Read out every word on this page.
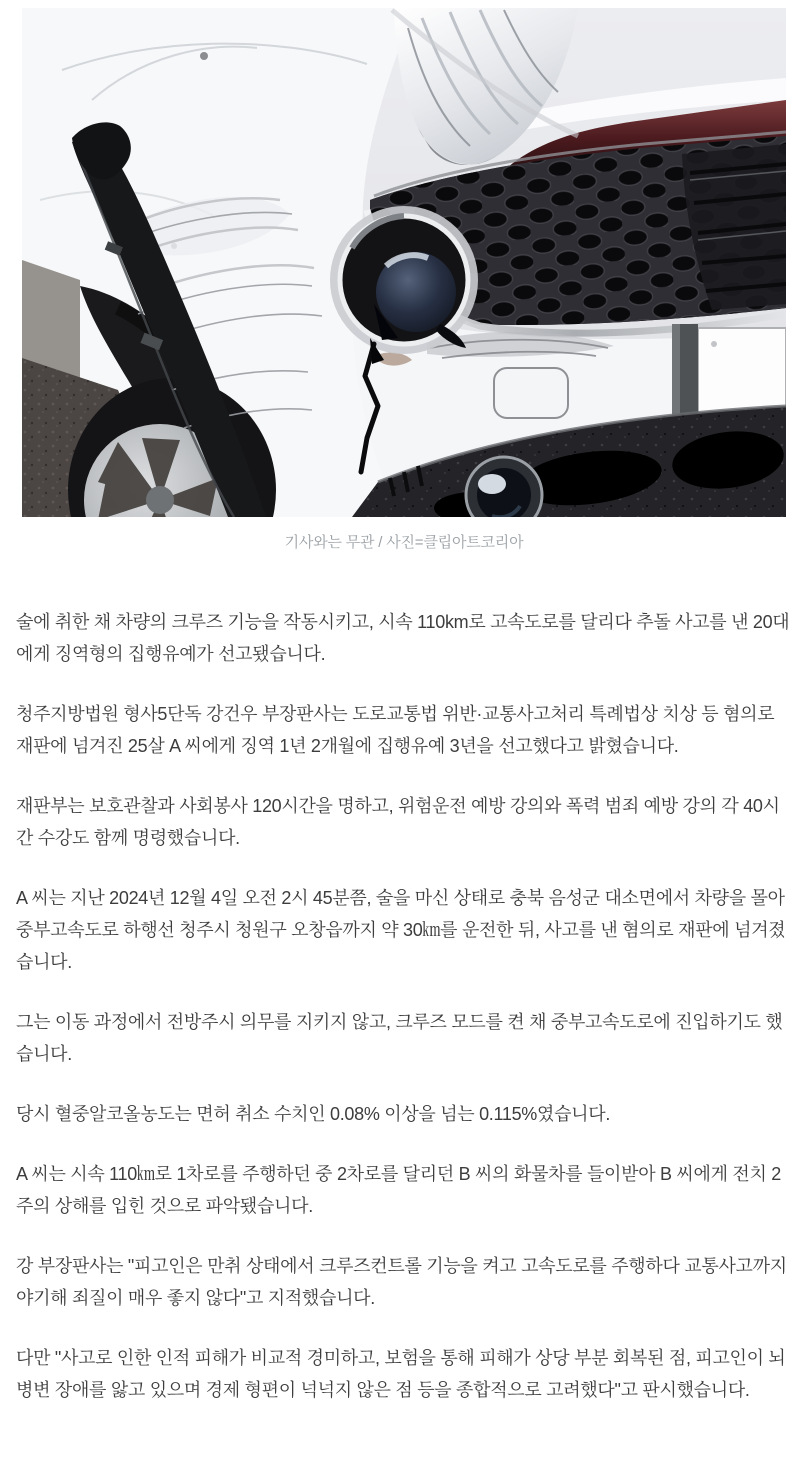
기사와는 무관 / 사진=클립아트코리아

술에 취한 채 차량의 크루즈 기능을 작동시키고, 시속 110km로 고속도로를 달리다 추돌 사고를 낸 20대에게 징역형의 집행유예가 선고됐습니다.

청주지방법원 형사5단독 강건우 부장판사는 도로교통법 위반·교통사고처리 특례법상 치상 등 혐의로 재판에 넘겨진 25살 A 씨에게 징역 1년 2개월에 집행유예 3년을 선고했다고 밝혔습니다.

재판부는 보호관찰과 사회봉사 120시간을 명하고, 위험운전 예방 강의와 폭력 범죄 예방 강의 각 40시간 수강도 함께 명령했습니다.

A 씨는 지난 2024년 12월 4일 오전 2시 45분쯤, 술을 마신 상태로 충북 음성군 대소면에서 차량을 몰아 중부고속도로 하행선 청주시 청원구 오창읍까지 약 30㎞를 운전한 뒤, 사고를 낸 혐의로 재판에 넘겨졌습니다.

그는 이동 과정에서 전방주시 의무를 지키지 않고, 크루즈 모드를 켠 채 중부고속도로에 진입하기도 했습니다.

당시 혈중알코올농도는 면허 취소 수치인 0.08% 이상을 넘는 0.115%였습니다.

A 씨는 시속 110㎞로 1차로를 주행하던 중 2차로를 달리던 B 씨의 화물차를 들이받아 B 씨에게 전치 2주의 상해를 입힌 것으로 파악됐습니다.

강 부장판사는 "피고인은 만취 상태에서 크루즈컨트롤 기능을 켜고 고속도로를 주행하다 교통사고까지 야기해 죄질이 매우 좋지 않다"고 지적했습니다.

다만 "사고로 인한 인적 피해가 비교적 경미하고, 보험을 통해 피해가 상당 부분 회복된 점, 피고인이 뇌병변 장애를 앓고 있으며 경제 형편이 넉넉지 않은 점 등을 종합적으로 고려했다"고 판시했습니다.
